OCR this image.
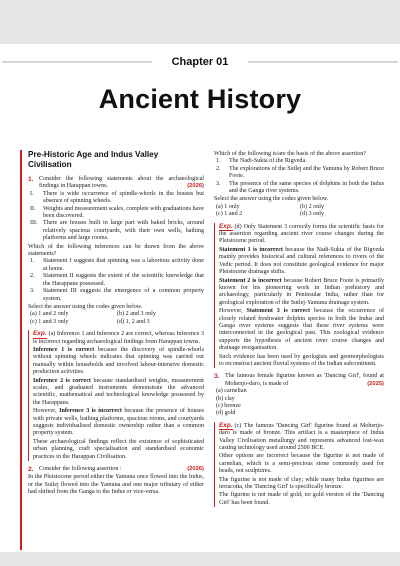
Chapter 01
Ancient History
Pre-Historic Age and Indus Valley Civilisation
1. Consider the following statements about the archaeological findings in Harappan towns.	(2026)
I.	There is wide occurrence of spindle-whorls in the houses but absence of spinning wheels.
II.	Weights and measurement scales, complete with graduations have been discovered.
III. There are houses built in large part with baked bricks, around relatively spacious courtyards, with their own wells, bathing platforms and large rooms.
Which of the following inferences can be drawn from the above statements?
1.	Statement I suggests that spinning was a laborious activity done at home.
2.	Statement II suggests the extent of the scientific knowledge that the Harappans possessed.
3.	Statement III suggests the emergence of a common property system.
Select the answer using the codes given below.
(a) 1 and 2 only	(b) 2 and 3 only
(c) 1 and 3 only	(d) 1, 2 and 3
Exp. (a) Inference 1 and Inference 2 are correct, whereas Inference 3 is incorrect regarding archaeological findings from Harappan towns.
Inference 1 is correct because the discovery of spindle-whorls without spinning wheels indicates that spinning was carried out manually within households and involved labour-intensive domestic production activities.
Inference 2 is correct because standardised weights, measurement scales, and graduated instruments demonstrate the advanced scientific, mathematical and technological knowledge possessed by the Harappans.
However, Inference 3 is incorrect because the presence of houses with private wells, bathing platforms, spacious rooms, and courtyards suggests individualised domestic ownership rather than a common property system.
These archaeological findings reflect the existence of sophisticated urban planning, craft specialisation and standardised economic practices in the Harappan Civilisation.
2. Consider the following assertion :	(2026)
In the Pleistocene period either the Yamuna once flowed into the Indus, or the Sutlej flowed into the Yamuna and one major tributary of either had shifted from the Ganga to the Indus or vice-versa.
Which of the following is/are the basis of the above assertion?
1.	The Nadi-Sukta of the Rigveda.
2.	The explorations of the Sutlej and the Yamuna by Robert Bruce Foote.
3.	The presence of the same species of dolphins in both the Indus and the Ganga river systems.
Select the answer using the codes given below.
(a) 1 only	(b) 2 only
(c) 1 and 2	(d) 3 only
Exp. (d) Only Statement 3 correctly forms the scientific basis for the assertion regarding ancient river course changes during the Pleistocene period.
Statement 1 is incorrect because the Nadi-Sukta of the Rigveda mainly provides historical and cultural references to rivers of the Vedic period. It does not constitute geological evidence for major Pleistocene drainage shifts.
Statement 2 is incorrect because Robert Bruce Foote is primarily known for his pioneering work in Indian prehistory and archaeology, particularly in Peninsular India, rather than for geological exploration of the Sutlej-Yamuna drainage system.
However, Statement 3 is correct because the occurrence of closely related freshwater dolphin species in both the Indus and Ganga river systems suggests that these river systems were interconnected in the geological past. This zoological evidence supports the hypothesis of ancient river course changes and drainage reorganisation.
Such evidence has been used by geologists and geomorphologists to reconstruct ancient fluvial systems of the Indian subcontinent.
3. The famous female figurine known as 'Dancing Girl', found at Mohenjo-daro, is made of	(2025)
(a) carnelian
(b) clay
(c) bronze
(d) gold
Exp. (c) The famous 'Dancing Girl' figurine found at Mohenjo-daro is made of bronze. This artifact is a masterpiece of Indus Valley Civilisation metallurgy and represents advanced lost-wax casting technology used around 2500 BCE.
Other options are incorrect because the figurine is not made of carnelian, which is a semi-precious stone commonly used for beads, not sculptures.
The figurine is not made of clay; while many Indus figurines are terracotta, the 'Dancing Girl' is specifically bronze.
The figurine is not made of gold; no gold version of the 'Dancing Girl' has been found.
